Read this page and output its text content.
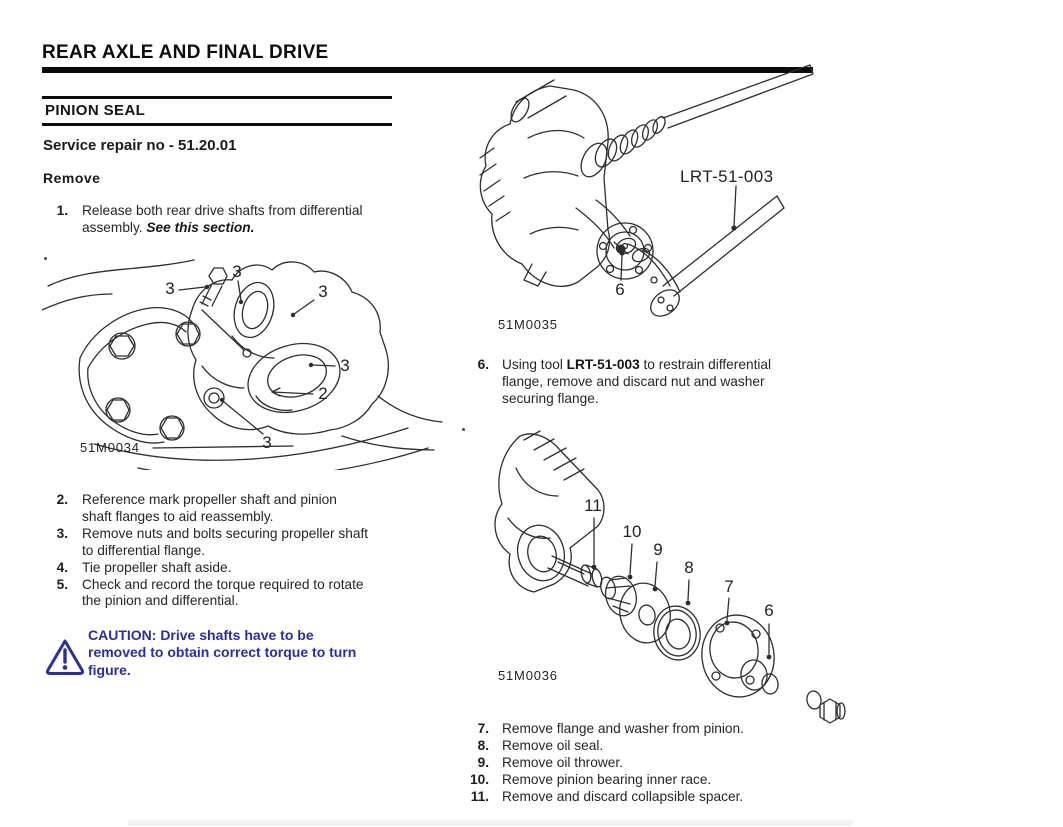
REAR AXLE AND FINAL DRIVE
PINION SEAL
Service repair no - 51.20.01
Remove
1. Release both rear drive shafts from differential
assembly. See this section.
3
3
3
3
2
3
51M0034
2. Reference mark propeller shaft and pinion
shaft flanges to aid reassembly.
3. Remove nuts and bolts securing propeller shaft
to differential flange.
4. Tie propeller shaft aside.
5. Check and record the torque required to rotate
the pinion and differential.
CAUTION: Drive shafts have to be
removed to obtain correct torque to turn
figure.
LRT-51-003
6
51M0035
6. Using tool LRT-51-003 to restrain differential
flange, remove and discard nut and washer
securing flange.
11
10
9
8
7
6
51M0036
7. Remove flange and washer from pinion.
8. Remove oil seal.
9. Remove oil thrower.
10. Remove pinion bearing inner race.
11. Remove and discard collapsible spacer.
